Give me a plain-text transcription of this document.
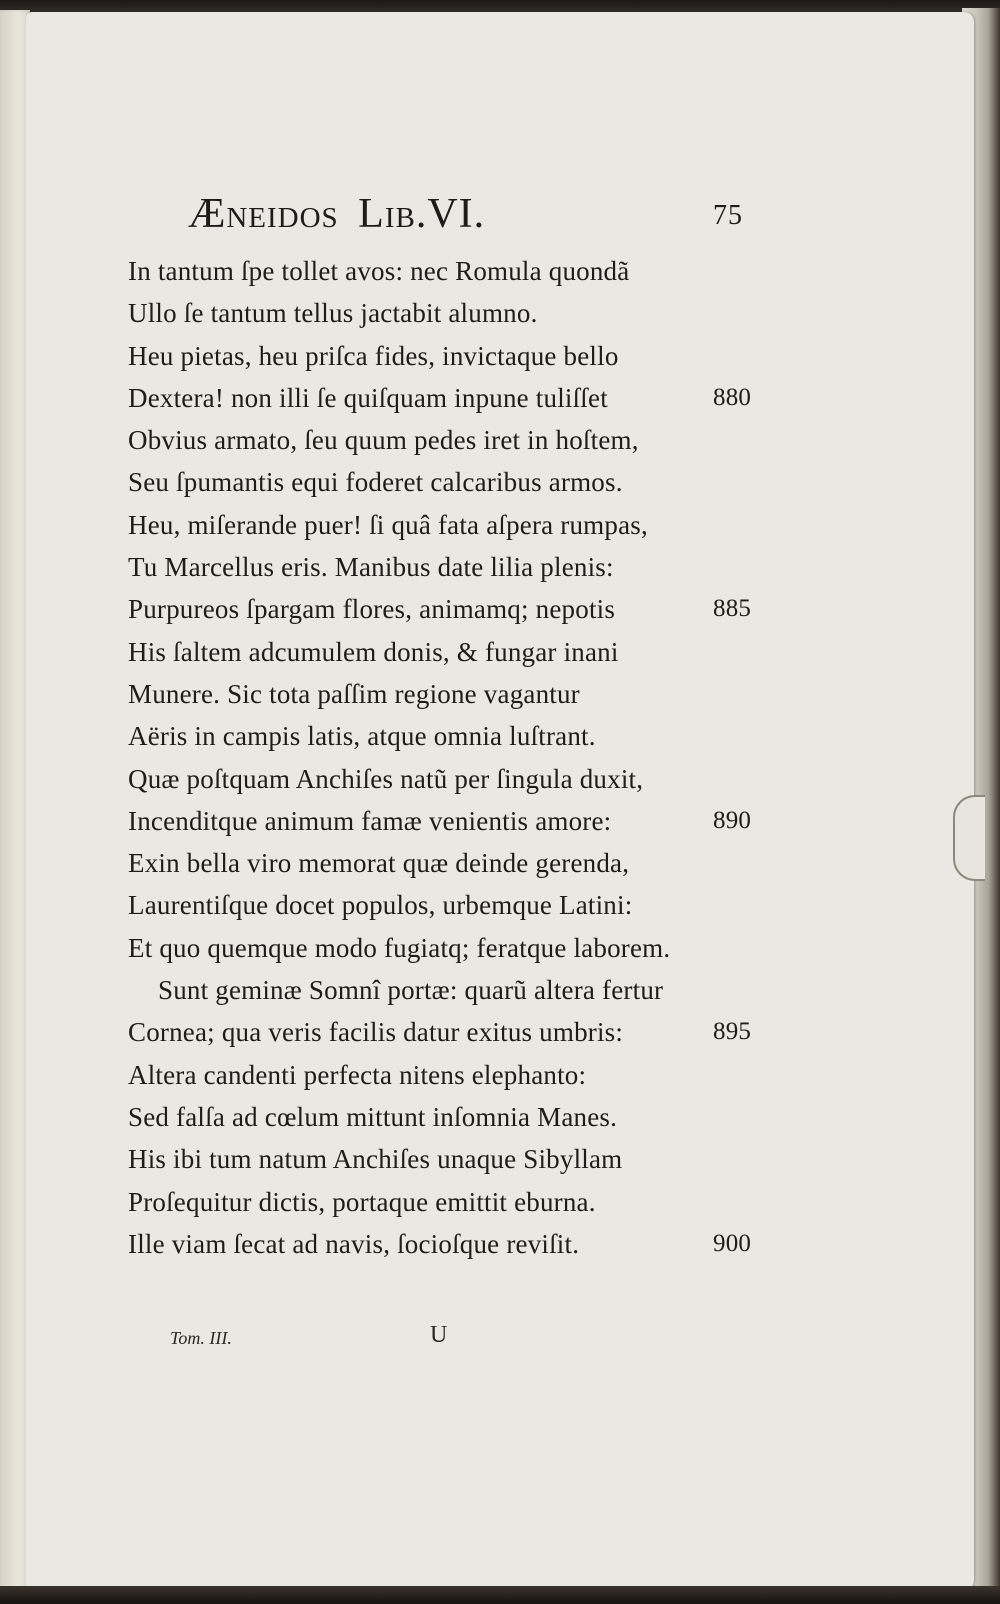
Æneidos Lib.VI.	75
In tantum ſpe tollet avos: nec Romula quondã
Ullo ſe tantum tellus jactabit alumno.
Heu pietas, heu priſca fides, invictaque bello
Dextera! non illi ſe quiſquam inpune tuliſſet	880
Obvius armato, ſeu quum pedes iret in hoſtem,
Seu ſpumantis equi foderet calcaribus armos.
Heu, miſerande puer! ſi quâ fata aſpera rumpas,
Tu Marcellus eris. Manibus date lilia plenis:
Purpureos ſpargam flores, animamq; nepotis	885
His ſaltem adcumulem donis, & fungar inani
Munere. Sic tota paſſim regione vagantur
Aëris in campis latis, atque omnia luſtrant.
Quæ poſtquam Anchiſes natũ per ſingula duxit,
Incenditque animum famæ venientis amore:	890
Exin bella viro memorat quæ deinde gerenda,
Laurentiſque docet populos, urbemque Latini:
Et quo quemque modo fugiatq; feratque laborem.
Sunt geminæ Somnî portæ: quarũ altera fertur
Cornea; qua veris facilis datur exitus umbris:	895
Altera candenti perfecta nitens elephanto:
Sed falſa ad cœlum mittunt inſomnia Manes.
His ibi tum natum Anchiſes unaque Sibyllam
Proſequitur dictis, portaque emittit eburna.
Ille viam ſecat ad navis, ſocioſque reviſit.	900
Tom. III.	U
